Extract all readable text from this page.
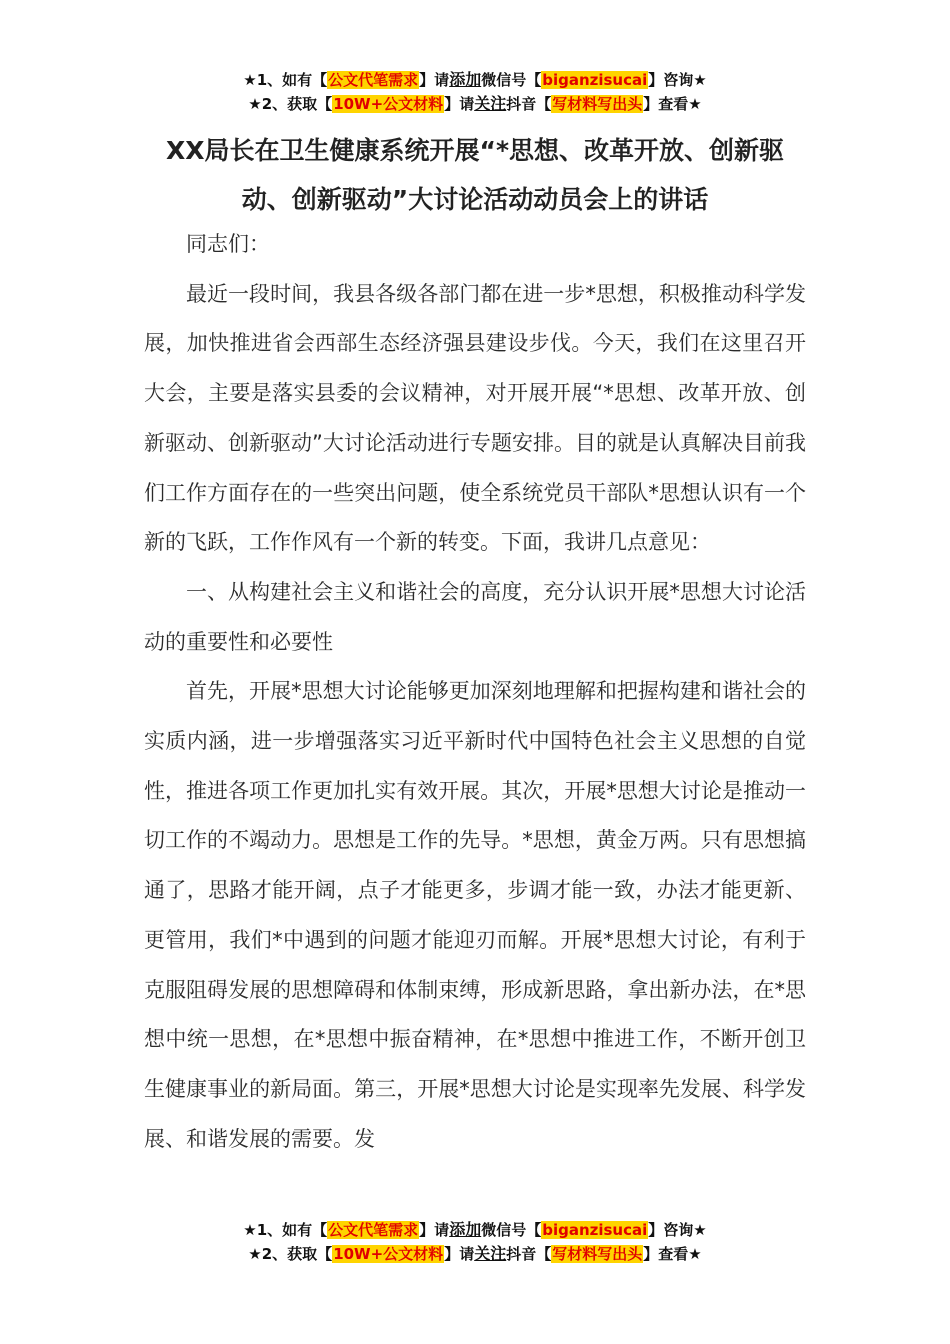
★1、如有【公文代笔需求】请添加微信号【biganzisucai】咨询★
★2、获取【10W+公文材料】请关注抖音【写材料写出头】查看★
XX局长在卫生健康系统开展“*思想、改革开放、创新驱动、创新驱动”大讨论活动动员会上的讲话

同志们：

最近一段时间，我县各级各部门都在进一步*思想，积极推动科学发展，加快推进省会西部生态经济强县建设步伐。今天，我们在这里召开大会，主要是落实县委的会议精神，对开展开展“*思想、改革开放、创新驱动、创新驱动”大讨论活动进行专题安排。目的就是认真解决目前我们工作方面存在的一些突出问题，使全系统党员干部队*思想认识有一个新的飞跃，工作作风有一个新的转变。下面，我讲几点意见：

一、从构建社会主义和谐社会的高度，充分认识开展*思想大讨论活动的重要性和必要性

首先，开展*思想大讨论能够更加深刻地理解和把握构建和谐社会的实质内涵，进一步增强落实习近平新时代中国特色社会主义思想的自觉性，推进各项工作更加扎实有效开展。其次，开展*思想大讨论是推动一切工作的不竭动力。思想是工作的先导。*思想，黄金万两。只有思想搞通了，思路才能开阔，点子才能更多，步调才能一致，办法才能更新、更管用，我们*中遇到的问题才能迎刃而解。开展*思想大讨论，有利于克服阻碍发展的思想障碍和体制束缚，形成新思路，拿出新办法，在*思想中统一思想，在*思想中振奋精神，在*思想中推进工作，不断开创卫生健康事业的新局面。第三，开展*思想大讨论是实现率先发展、科学发展、和谐发展的需要。发

★1、如有【公文代笔需求】请添加微信号【biganzisucai】咨询★
★2、获取【10W+公文材料】请关注抖音【写材料写出头】查看★
